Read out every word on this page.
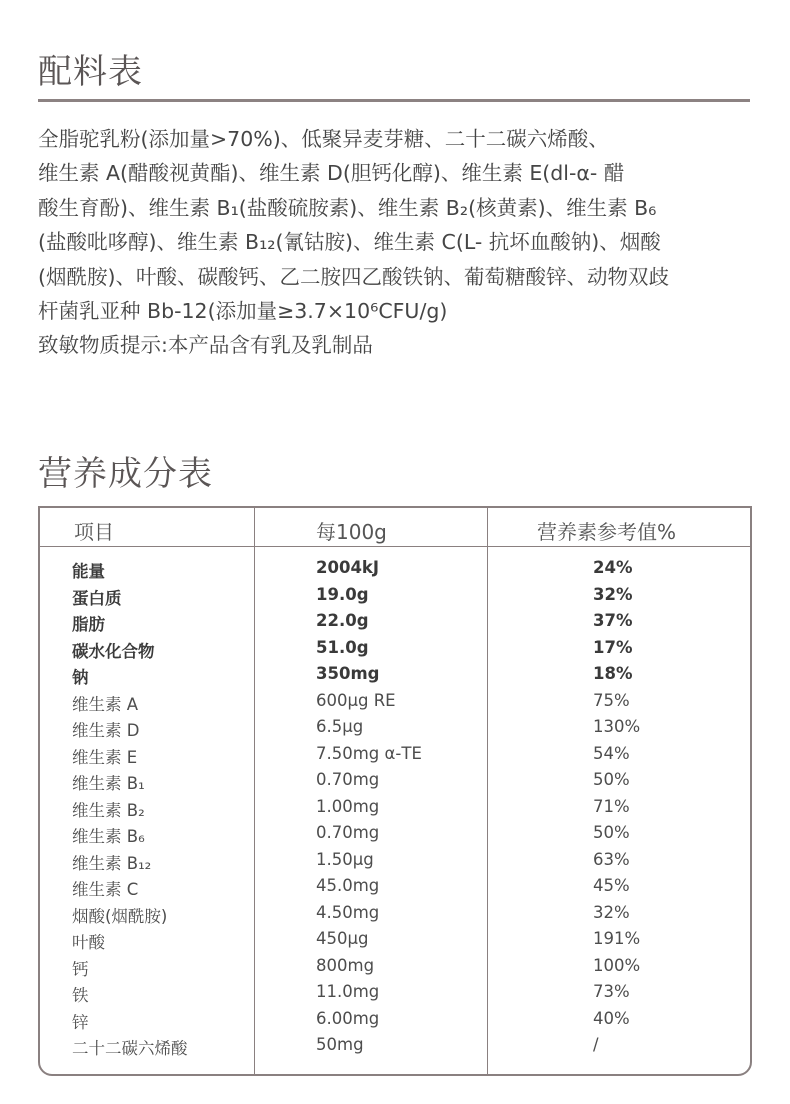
配料表
全脂驼乳粉(添加量>70%)、低聚异麦芽糖、二十二碳六烯酸、
维生素 A(醋酸视黄酯)、维生素 D(胆钙化醇)、维生素 E(dl-α- 醋
酸生育酚)、维生素 B₁(盐酸硫胺素)、维生素 B₂(核黄素)、维生素 B₆
(盐酸吡哆醇)、维生素 B₁₂(氰钴胺)、维生素 C(L- 抗坏血酸钠)、烟酸
(烟酰胺)、叶酸、碳酸钙、乙二胺四乙酸铁钠、葡萄糖酸锌、动物双歧
杆菌乳亚种 Bb-12(添加量≥3.7×10⁶CFU/g)
致敏物质提示:本产品含有乳及乳制品
营养成分表
项目	每100g	营养素参考值%
能量	2004kJ	24%
蛋白质	19.0g	32%
脂肪	22.0g	37%
碳水化合物	51.0g	17%
钠	350mg	18%
维生素 A	600μg RE	75%
维生素 D	6.5μg	130%
维生素 E	7.50mg α-TE	54%
维生素 B₁	0.70mg	50%
维生素 B₂	1.00mg	71%
维生素 B₆	0.70mg	50%
维生素 B₁₂	1.50μg	63%
维生素 C	45.0mg	45%
烟酸(烟酰胺)	4.50mg	32%
叶酸	450μg	191%
钙	800mg	100%
铁	11.0mg	73%
锌	6.00mg	40%
二十二碳六烯酸	50mg	/
